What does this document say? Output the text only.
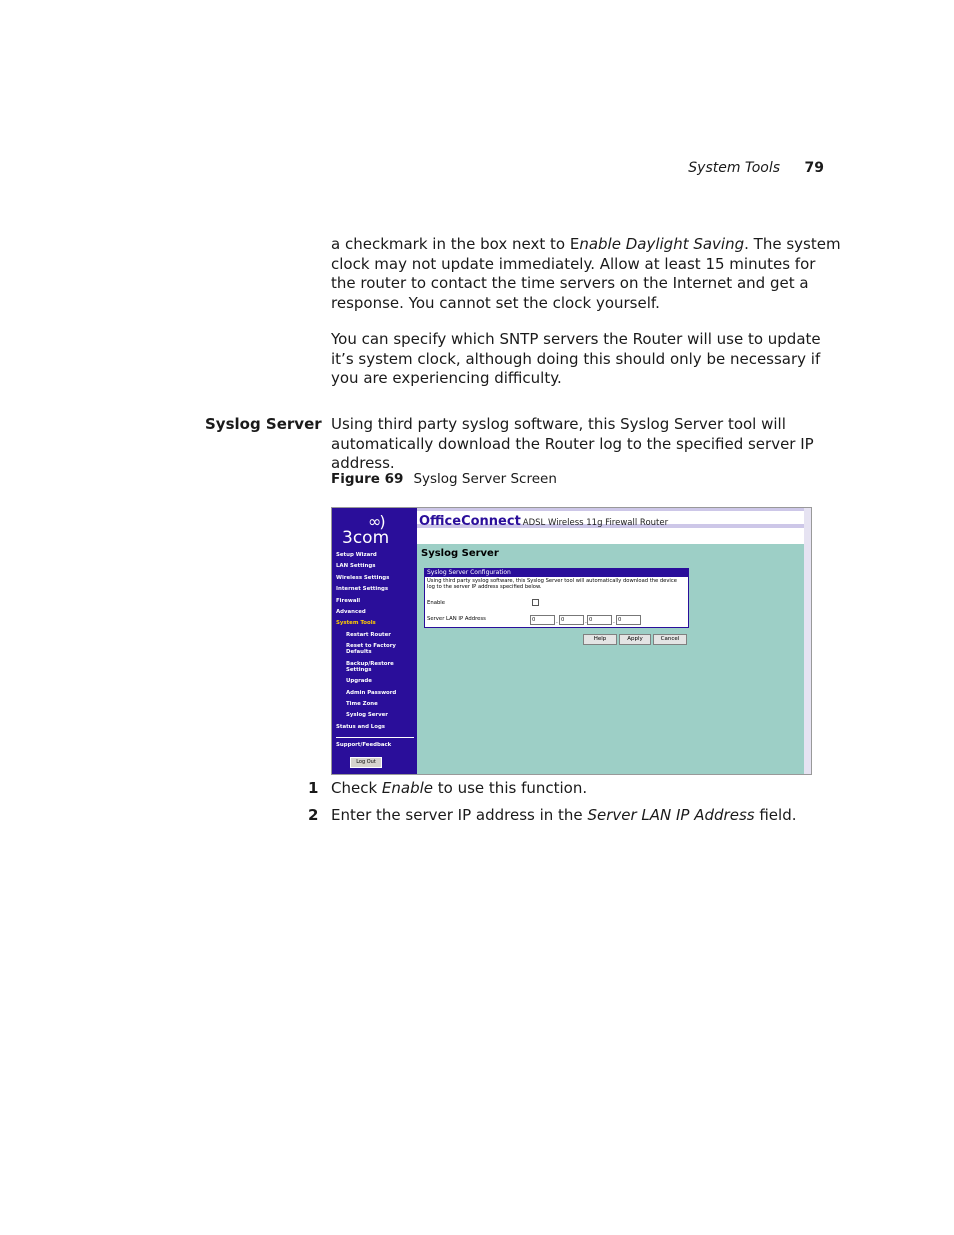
System Tools 79
a checkmark in the box next to Enable Daylight Saving. The system clock may not update immediately. Allow at least 15 minutes for the router to contact the time servers on the Internet and get a response. You cannot set the clock yourself.
You can specify which SNTP servers the Router will use to update it’s system clock, although doing this should only be necessary if you are experiencing difficulty.
Syslog Server Using third party syslog software, this Syslog Server tool will automatically download the Router log to the specified server IP address.
Figure 69 Syslog Server Screen
∞)
3com
Setup Wizard
LAN Settings
Wireless Settings
Internet Settings
Firewall
Advanced
System Tools
Restart Router
Reset to Factory Defaults
Backup/Restore Settings
Upgrade
Admin Password
Time Zone
Syslog Server
Status and Logs
Support/Feedback
Log Out
OfficeConnect ADSL Wireless 11g Firewall Router
Syslog Server
Syslog Server Configuration
Using third party syslog software, this Syslog Server tool will automatically download the device log to the server IP address specified below.
Enable
Server LAN IP Address	0	. 0	. 0	. 0
Help	Apply	Cancel
1 Check Enable to use this function.
2 Enter the server IP address in the Server LAN IP Address field.
